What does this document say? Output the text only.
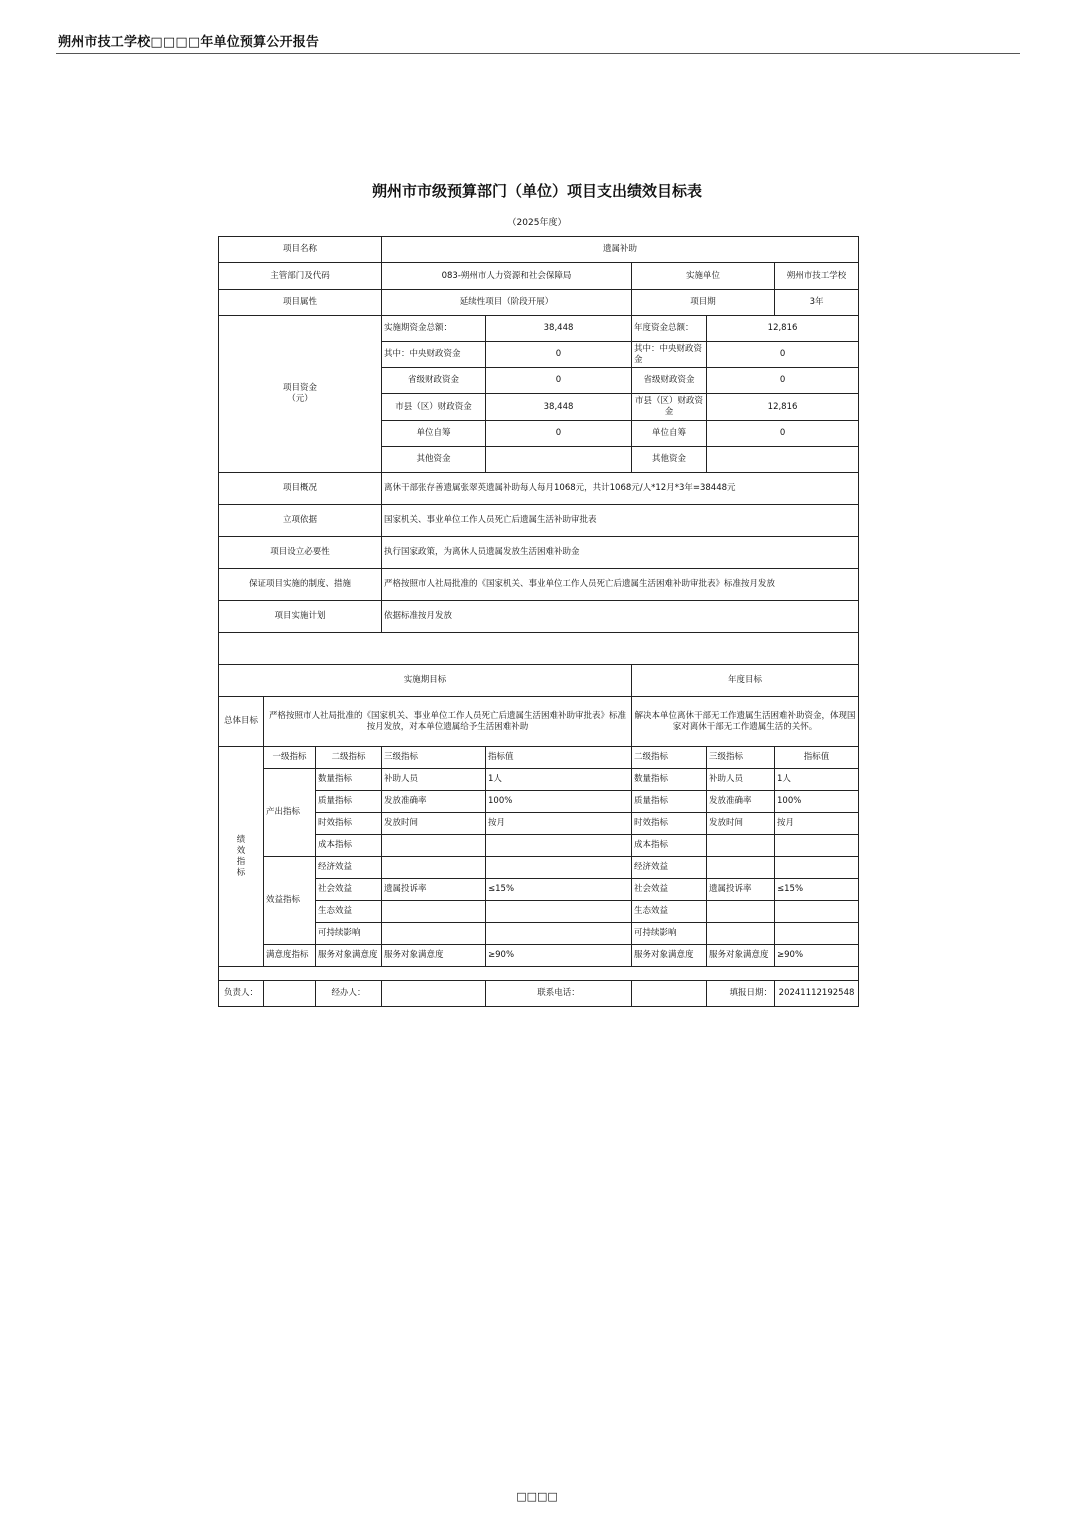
朔州市技工学校□□□□年单位预算公开报告
朔州市市级预算部门（单位）项目支出绩效目标表
（2025年度）
项目名称			遗属补助				
主管部门及代码			083-朔州市人力资源和社会保障局		实施单位		朔州市技工学校
项目属性			延续性项目（阶段开展）		项目期		3年
项目资金
（元）			实施期资金总额：	38,448	年度资金总额：	12,816	
			其中：中央财政资金	0	其中：中央财政资金	0	
			省级财政资金	0	省级财政资金	0	
			市县（区）财政资金	38,448	市县（区）财政资金	12,816	
			单位自筹	0	单位自筹	0	
			其他资金		其他资金		
项目概况			离休干部张存善遗属张翠英遗属补助每人每月1068元，共计1068元/人*12月*3年=38448元				
立项依据			国家机关、事业单位工作人员死亡后遗属生活补助审批表				
项目设立必要性			执行国家政策，为离休人员遗属发放生活困难补助金				
保证项目实施的制度、措施			严格按照市人社局批准的《国家机关、事业单位工作人员死亡后遗属生活困难补助审批表》标准按月发放				
项目实施计划			依据标准按月发放				

实施期目标					年度目标		
总体目标	严格按照市人社局批准的《国家机关、事业单位工作人员死亡后遗属生活困难补助审批表》标准按月发放，对本单位遗属给予生活困难补助				解决本单位离休干部无工作遗属生活困难补助资金，体现国家对离休干部无工作遗属生活的关怀。		
绩效指标	一级指标	二级指标	三级指标	指标值	二级指标	三级指标	指标值
	产出指标	数量指标	补助人员	1人	数量指标	补助人员	1人
		质量指标	发放准确率	100%	质量指标	发放准确率	100%
		时效指标	发放时间	按月	时效指标	发放时间	按月
		成本指标			成本指标		
	效益指标	经济效益			经济效益		
		社会效益	遗属投诉率	≤15%	社会效益	遗属投诉率	≤15%
		生态效益			生态效益		
		可持续影响			可持续影响		
	满意度指标	服务对象满意度	服务对象满意度	≥90%	服务对象满意度	服务对象满意度	≥90%

负责人：		经办人：		联系电话：		填报日期：	20241112192548
□□□□
